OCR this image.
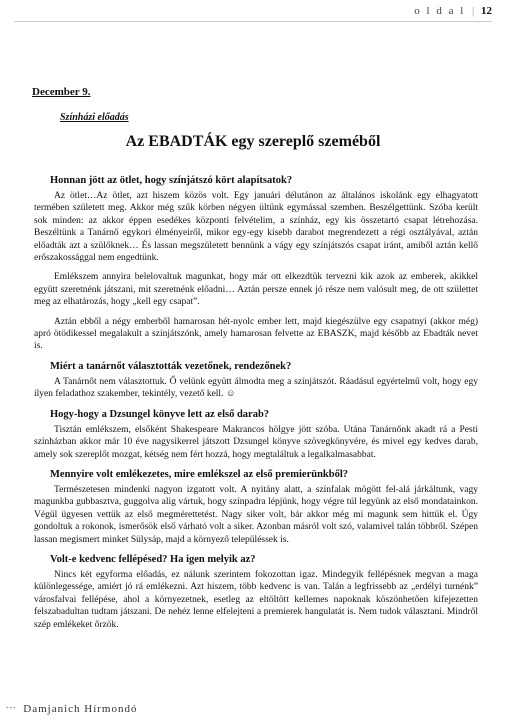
o l d a l | 12
December 9.
Színházi előadás
Az EBADTÁK egy szereplő szeméből
Honnan jött az ötlet, hogy színjátszó kört alapítsatok?

Az ötlet…Az ötlet, azt hiszem közös volt. Egy januári délutánon az általános iskolánk egy elhagyatott termében született meg. Akkor még szűk körben négyen ültünk egymással szemben. Beszélgettünk. Szóba került sok minden: az akkor éppen esedékes központi felvételim, a színház, egy kis összetartó csapat létrehozása. Beszéltünk a Tanárnő egykori élményeiről, mikor egy-egy kisebb darabot megrendezett a régi osztályával, aztán előadták azt a szülőknek… És lassan megszületett bennünk a vágy egy színjátszós csapat iránt, amiből aztán kellő erőszakossággal nem engedtünk.

Emlékszem annyira belelovaltuk magunkat, hogy már ott elkezdtük tervezni kik azok az emberek, akikkel együtt szeretnénk játszani, mit szeretnénk előadni… Aztán persze ennek jó része nem valósult meg, de ott születtet meg az elhatározás, hogy „kell egy csapat”.

Aztán ebből a négy emberből hamarosan hét-nyolc ember lett, majd kiegészülve egy csapatnyi (akkor még) apró ötödikessel megalakult a színjátszónk, amely hamarosan felvette az EBASZK, majd később az Ebadták nevet is.

Miért a tanárnőt választották vezetőnek, rendezőnek?

A Tanárnőt nem választottuk. Ő velünk együtt álmodta meg a színjátszót. Ráadásul egyértelmű volt, hogy egy ilyen feladathoz szakember, tekintély, vezető kell. ☺

Hogy-hogy a Dzsungel könyve lett az első darab?

Tisztán emlékszem, elsőként Shakespeare Makrancos hölgye jött szóba. Utána Tanárnőnk akadt rá a Pesti színházban akkor már 10 éve nagysikerrel játszott Dzsungel könyve szövegkönyvére, és mivel egy kedves darab, amely sok szereplőt mozgat, kétség nem fért hozzá, hogy megtaláltuk a legalkalmasabbat.

Mennyire volt emlékezetes, mire emlékszel az első premierünkből?

Természetesen mindenki nagyon izgatott volt. A nyitány alatt, a színfalak mögött fel-alá járkáltunk, vagy magunkba gubbasztva, guggolva alig vártuk, hogy színpadra lépjünk, hogy végre túl legyünk az első mondatainkon. Végül ügyesen vettük az első megmérettetést. Nagy siker volt, bár akkor még mi magunk sem hittük el. Úgy gondoltuk a rokonok, ismerősök első várható volt a siker. Azonban másról volt szó, valamivel talán többről. Szépen lassan megismert minket Sülysáp, majd a környező településsek is.

Volt-e kedvenc fellépésed? Ha igen melyik az?

Nincs két egyforma előadás, ez nálunk szerintem fokozottan igaz. Mindegyik fellépésnek megvan a maga különlegessége, amiért jó rá emlékezni. Azt hiszem, több kedvenc is van. Talán a legfrissebb az „erdélyi turnénk” városfalvai fellépése, ahol a környezetnek, esetleg az eltöltött kellemes napoknak köszönhetően kifejezetten felszabadultan tudtam játszani. De nehéz lenne elfelejteni a premierek hangulatát is. Nem tudok választani. Mindről szép emlékeket őrzök.

*** Damjanich Hírmondó
